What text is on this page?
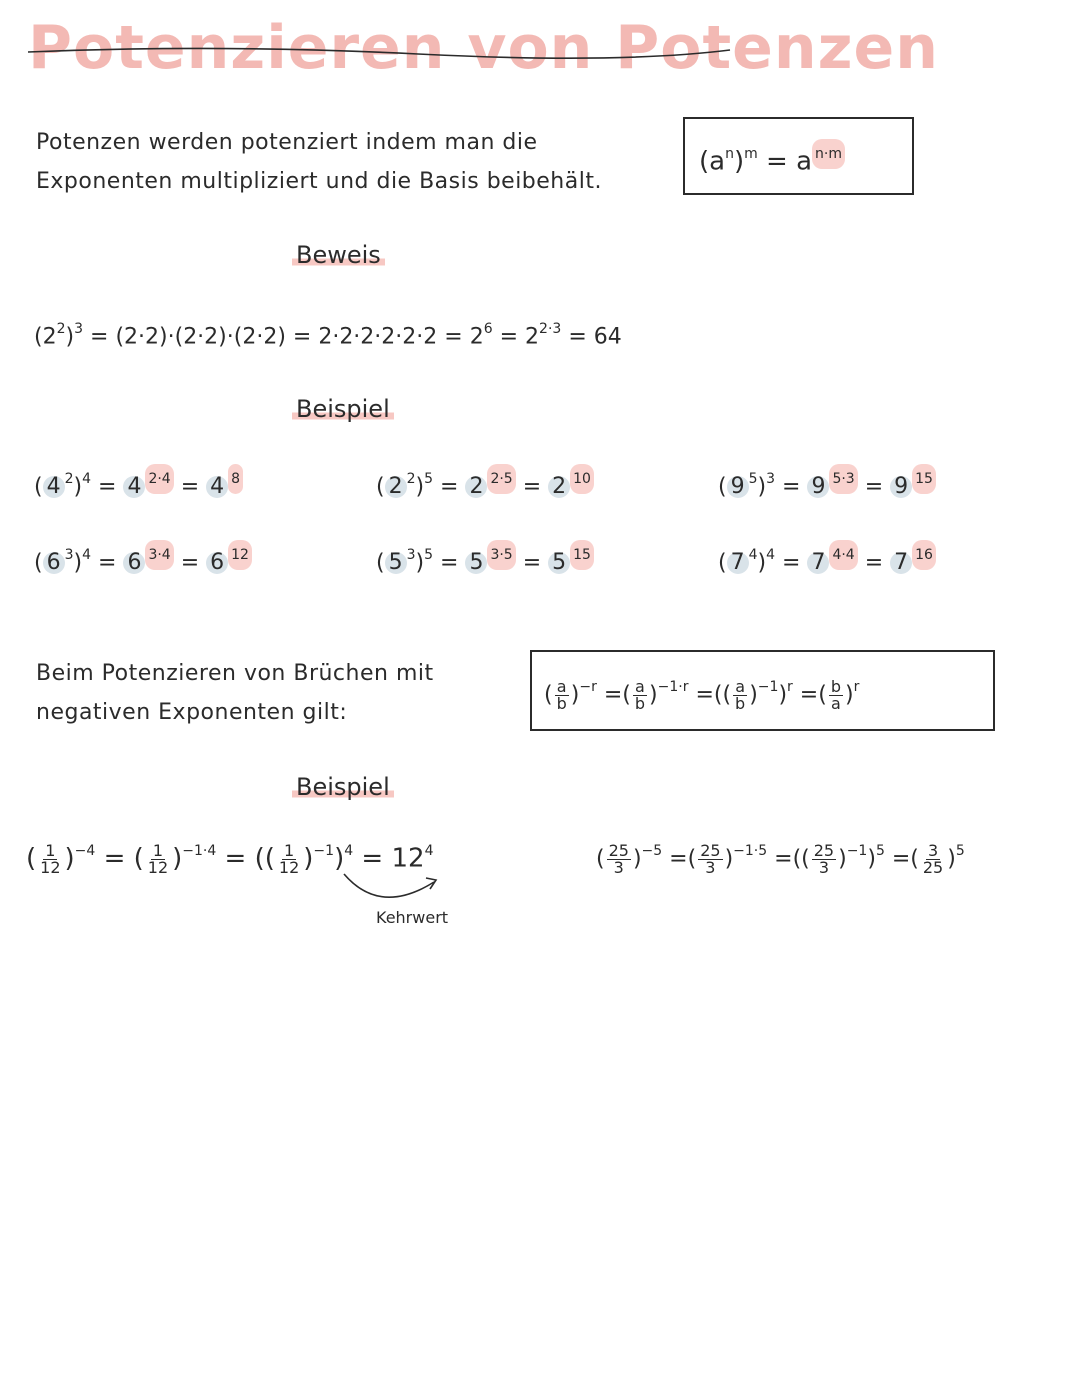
Potenzieren von Potenzen
Potenzen werden potenziert indem man die
Exponenten multipliziert und die Basis beibehält.
$(a^n)^m = a$ $^{n\cdot m}$
Beweis
$(2^2)^3 = (2\cdot 2)\cdot(2\cdot 2)\cdot(2\cdot 2) = 2\cdot 2\cdot 2\cdot 2\cdot 2\cdot 2 = 2^6 = 2^{2\cdot 3} = 64$
Beispiel
( 4 $^2$)$^4$ = 4 $^{2\cdot 4}$ = 4 $^8$	( 2 $^2$)$^5$ = 2 $^{2\cdot 5}$ = 2 $^{10}$	( 9 $^5$)$^3$ = 9 $^{5\cdot 3}$ = 9 $^{15}$
( 6 $^3$)$^4$ = 6 $^{3\cdot 4}$ = 6 $^{12}$	( 5 $^3$)$^5$ = 5 $^{3\cdot 5}$ = 5 $^{15}$	( 7 $^4$)$^4$ = 7 $^{4\cdot 4}$ = 7 $^{16}$
Beim Potenzieren von Brüchen mit
negativen Exponenten gilt:
( $\frac{a}{b} )^{-r}$ =( $\frac{a}{b} )^{-1\cdot r}$ =(( $\frac{a}{b} )^{-1})^r$ =( $\frac{b}{a} )^r$
Beispiel
( $\frac{1}{12} )^{-4}$ = ( $\frac{1}{12} )^{-1\cdot 4}$ = (( $\frac{1}{12} )^{-1})^4 = 12^4$
Kehrwert
( $\frac{25}{3} )^{-5}$ =( $\frac{25}{3} )^{-1\cdot 5}$ =(( $\frac{25}{3} )^{-1})^5$ =( $\frac{3}{25} )^5$
